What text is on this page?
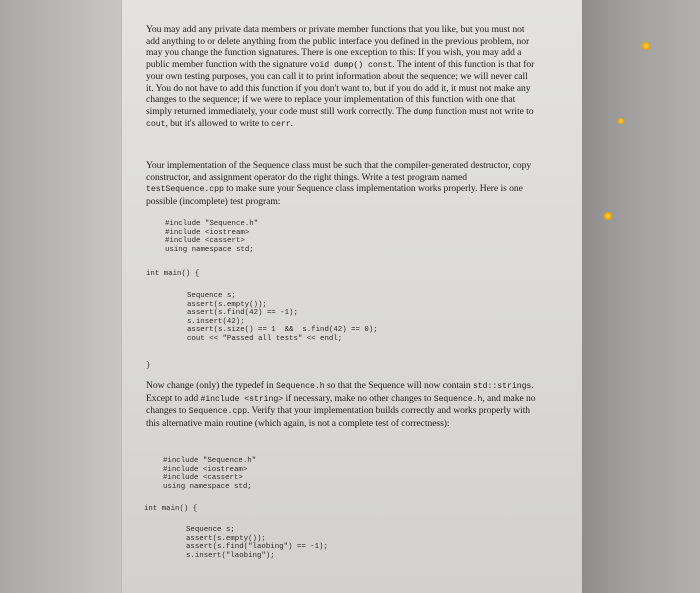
You may add any private data members or private member functions that you like, but you must not add anything to or delete anything from the public interface you defined in the previous problem, nor may you change the function signatures. There is one exception to this: If you wish, you may add a public member function with the signature void dump() const. The intent of this function is that for your own testing purposes, you can call it to print information about the sequence; we will never call it. You do not have to add this function if you don't want to, but if you do add it, it must not make any changes to the sequence; if we were to replace your implementation of this function with one that simply returned immediately, your code must still work correctly. The dump function must not write to cout, but it's allowed to write to cerr.
Your implementation of the Sequence class must be such that the compiler-generated destructor, copy constructor, and assignment operator do the right things. Write a test program named testSequence.cpp to make sure your Sequence class implementation works properly. Here is one possible (incomplete) test program:
#include "Sequence.h"
#include <iostream>
#include <cassert>
using namespace std;
int main() {
Sequence s;
assert(s.empty());
assert(s.find(42) == -1);
s.insert(42);
assert(s.size() == 1  &&  s.find(42) == 0);
cout << "Passed all tests" << endl;
}
Now change (only) the typedef in Sequence.h so that the Sequence will now contain std::strings. Except to add #include <string> if necessary, make no other changes to Sequence.h, and make no changes to Sequence.cpp. Verify that your implementation builds correctly and works properly with this alternative main routine (which again, is not a complete test of correctness):
#include "Sequence.h"
#include <iostream>
#include <cassert>
using namespace std;
int main() {
Sequence s;
assert(s.empty());
assert(s.find("laobing") == -1);
s.insert("laobing");
